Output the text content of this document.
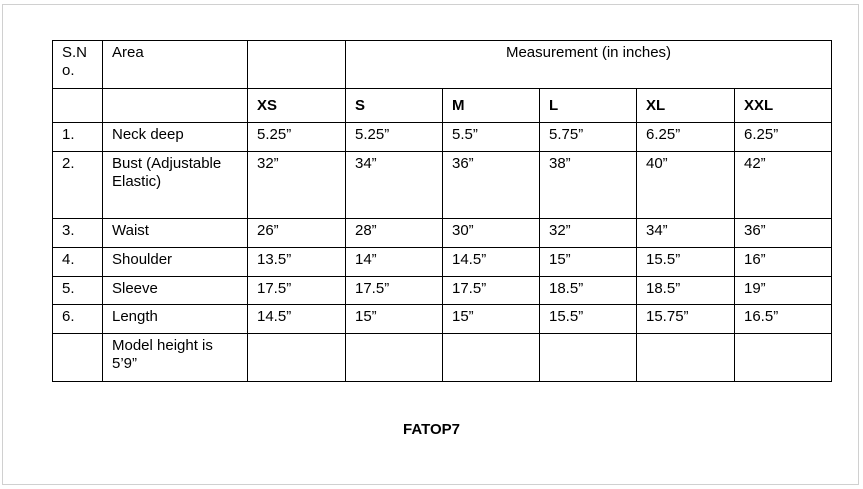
S.N o.	Area		Measurement (in inches)				
		XS	S	M	L	XL	XXL
1.	Neck deep	5.25”	5.25”	5.5”	5.75”	6.25”	6.25”
2.	Bust (Adjustable Elastic)	32”	34”	36”	38”	40”	42”
3.	Waist	26”	28”	30”	32”	34”	36”
4.	Shoulder	13.5”	14”	14.5”	15”	15.5”	16”
5.	Sleeve	17.5”	17.5”	17.5”	18.5”	18.5”	19”
6.	Length	14.5”	15”	15”	15.5”	15.75”	16.5”
	Model height is 5’9”						
FATOP7
